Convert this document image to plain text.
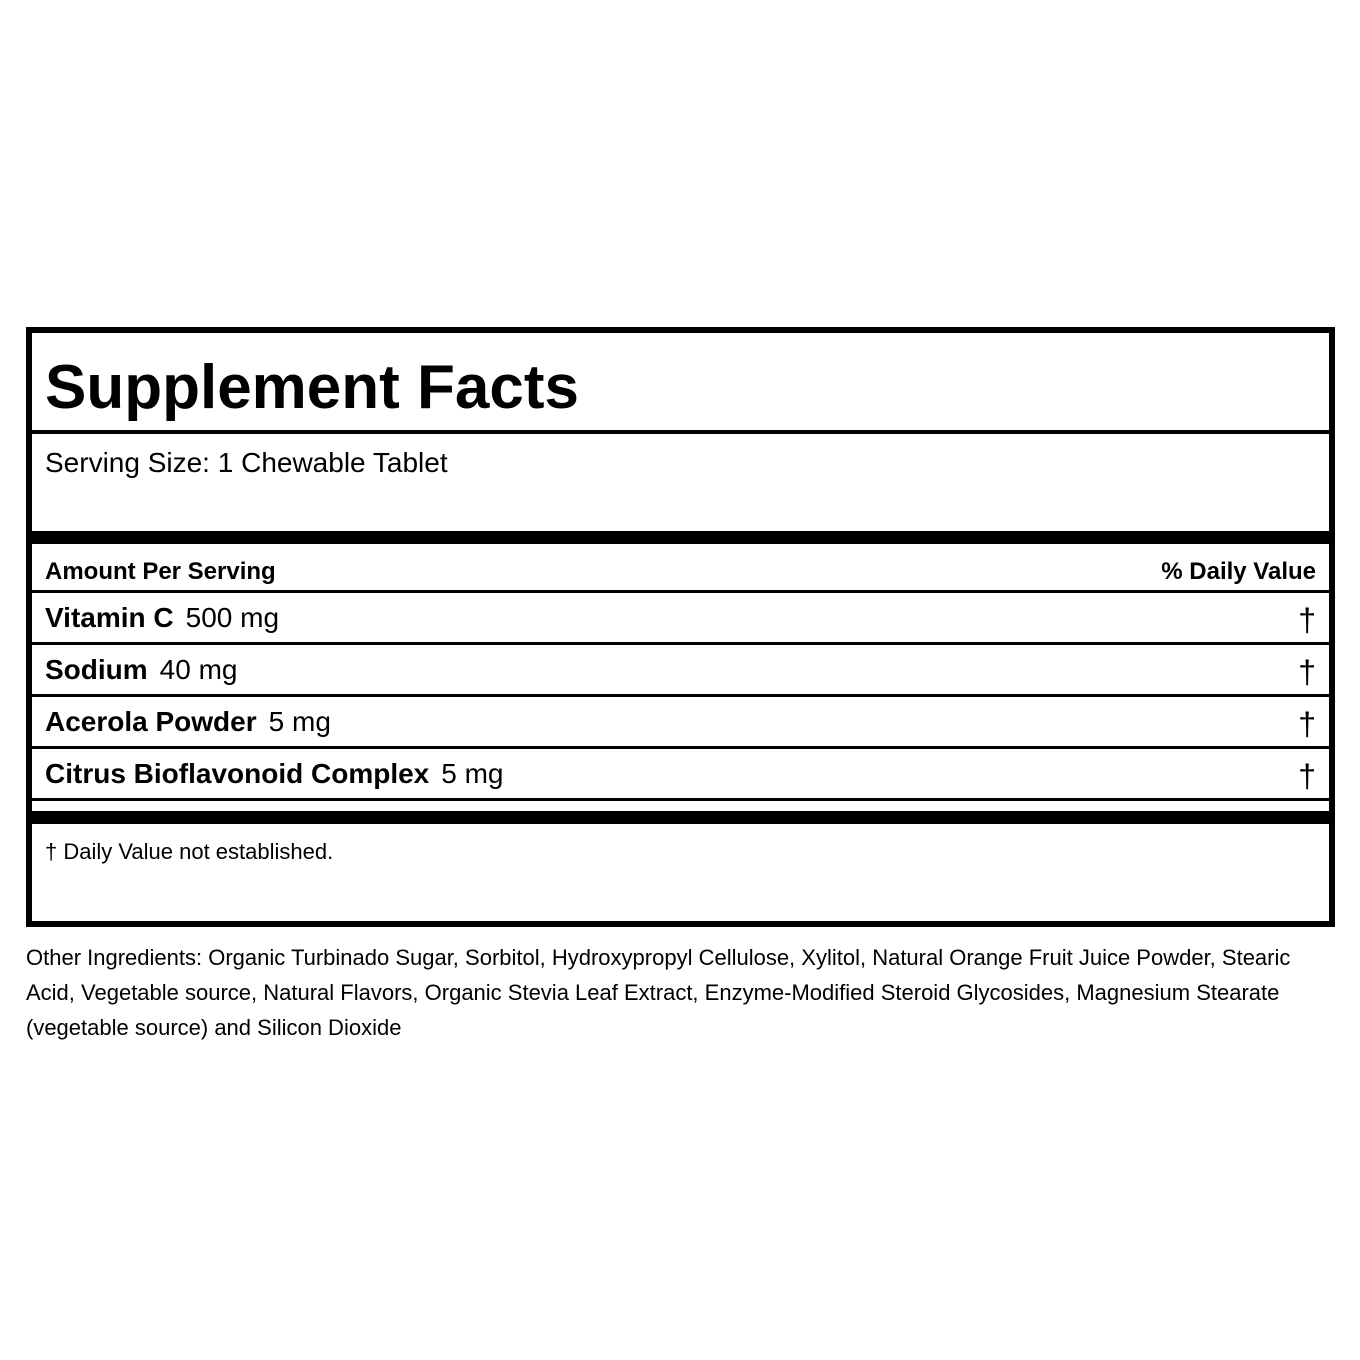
Supplement Facts
Serving Size: 1 Chewable Tablet
Amount Per Serving	% Daily Value
Vitamin C 500 mg	†
Sodium 40 mg	†
Acerola Powder 5 mg	†
Citrus Bioflavonoid Complex 5 mg	†
† Daily Value not established.
Other Ingredients: Organic Turbinado Sugar, Sorbitol, Hydroxypropyl Cellulose, Xylitol, Natural Orange Fruit Juice Powder, Stearic Acid, Vegetable source, Natural Flavors, Organic Stevia Leaf Extract, Enzyme-Modified Steroid Glycosides, Magnesium Stearate (vegetable source) and Silicon Dioxide
